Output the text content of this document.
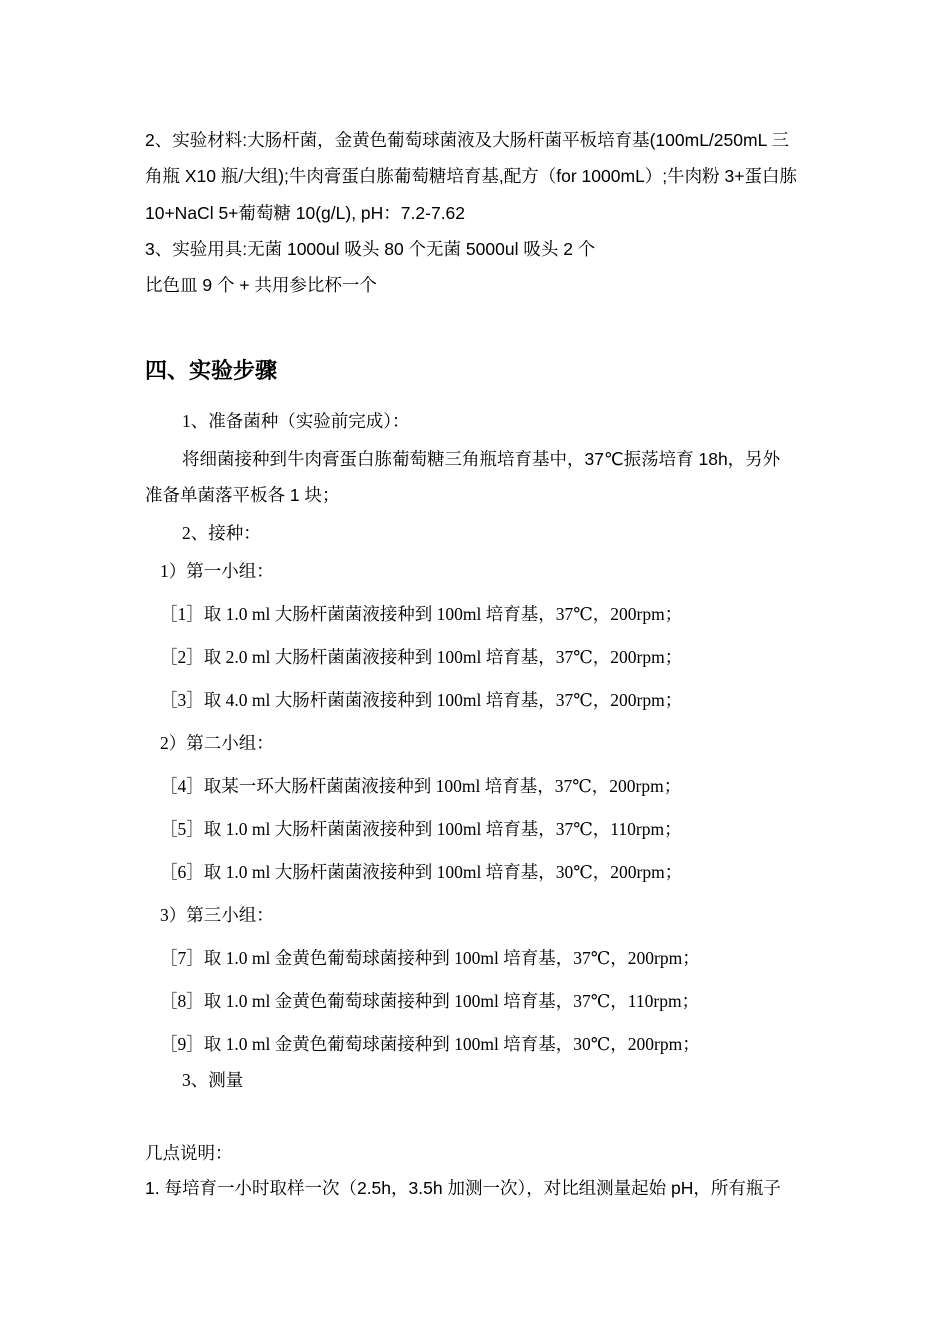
2、实验材料:大肠杆菌，金黄色葡萄球菌液及大肠杆菌平板培育基(100mL/250mL 三
角瓶 X10 瓶/大组);牛肉膏蛋白胨葡萄糖培育基,配方（for 1000mL）;牛肉粉 3+蛋白胨
10+NaCl 5+葡萄糖 10(g/L), pH：7.2-7.62
3、实验用具:无菌 1000ul 吸头 80 个无菌 5000ul 吸头 2 个
比色皿 9 个 + 共用参比杯一个
四、实验步骤
1、准备菌种（实验前完成）：
将细菌接种到牛肉膏蛋白胨葡萄糖三角瓶培育基中，37℃振荡培育 18h，另外
准备单菌落平板各 1 块；
2、接种：
1）第一小组：
［1］取 1.0 ml 大肠杆菌菌液接种到 100ml 培育基，37℃，200rpm；
［2］取 2.0 ml 大肠杆菌菌液接种到 100ml 培育基，37℃，200rpm；
［3］取 4.0 ml 大肠杆菌菌液接种到 100ml 培育基，37℃，200rpm；
2）第二小组：
［4］取某一环大肠杆菌菌液接种到 100ml 培育基，37℃，200rpm；
［5］取 1.0 ml 大肠杆菌菌液接种到 100ml 培育基，37℃，110rpm；
［6］取 1.0 ml 大肠杆菌菌液接种到 100ml 培育基，30℃，200rpm；
3）第三小组：
［7］取 1.0 ml 金黄色葡萄球菌接种到 100ml 培育基，37℃，200rpm；
［8］取 1.0 ml 金黄色葡萄球菌接种到 100ml 培育基，37℃，110rpm；
［9］取 1.0 ml 金黄色葡萄球菌接种到 100ml 培育基，30℃，200rpm；
3、测量
几点说明：
1. 每培育一小时取样一次（2.5h，3.5h 加测一次），对比组测量起始 pH，所有瓶子
